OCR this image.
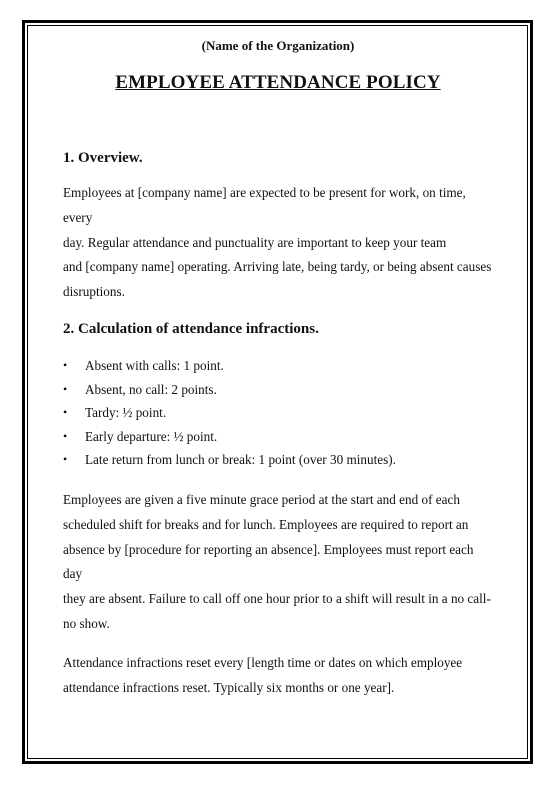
(Name of the Organization)
EMPLOYEE ATTENDANCE POLICY
1. Overview.
Employees at [company name] are expected to be present for work, on time, every
day. Regular attendance and punctuality are important to keep your team
and [company name] operating. Arriving late, being tardy, or being absent causes
disruptions.
2. Calculation of attendance infractions.
• Absent with calls: 1 point.
• Absent, no call: 2 points.
• Tardy: ½ point.
• Early departure: ½ point.
• Late return from lunch or break: 1 point (over 30 minutes).
Employees are given a five minute grace period at the start and end of each
scheduled shift for breaks and for lunch. Employees are required to report an
absence by [procedure for reporting an absence]. Employees must report each day
they are absent. Failure to call off one hour prior to a shift will result in a no call-
no show.
Attendance infractions reset every [length time or dates on which employee
attendance infractions reset. Typically six months or one year].
